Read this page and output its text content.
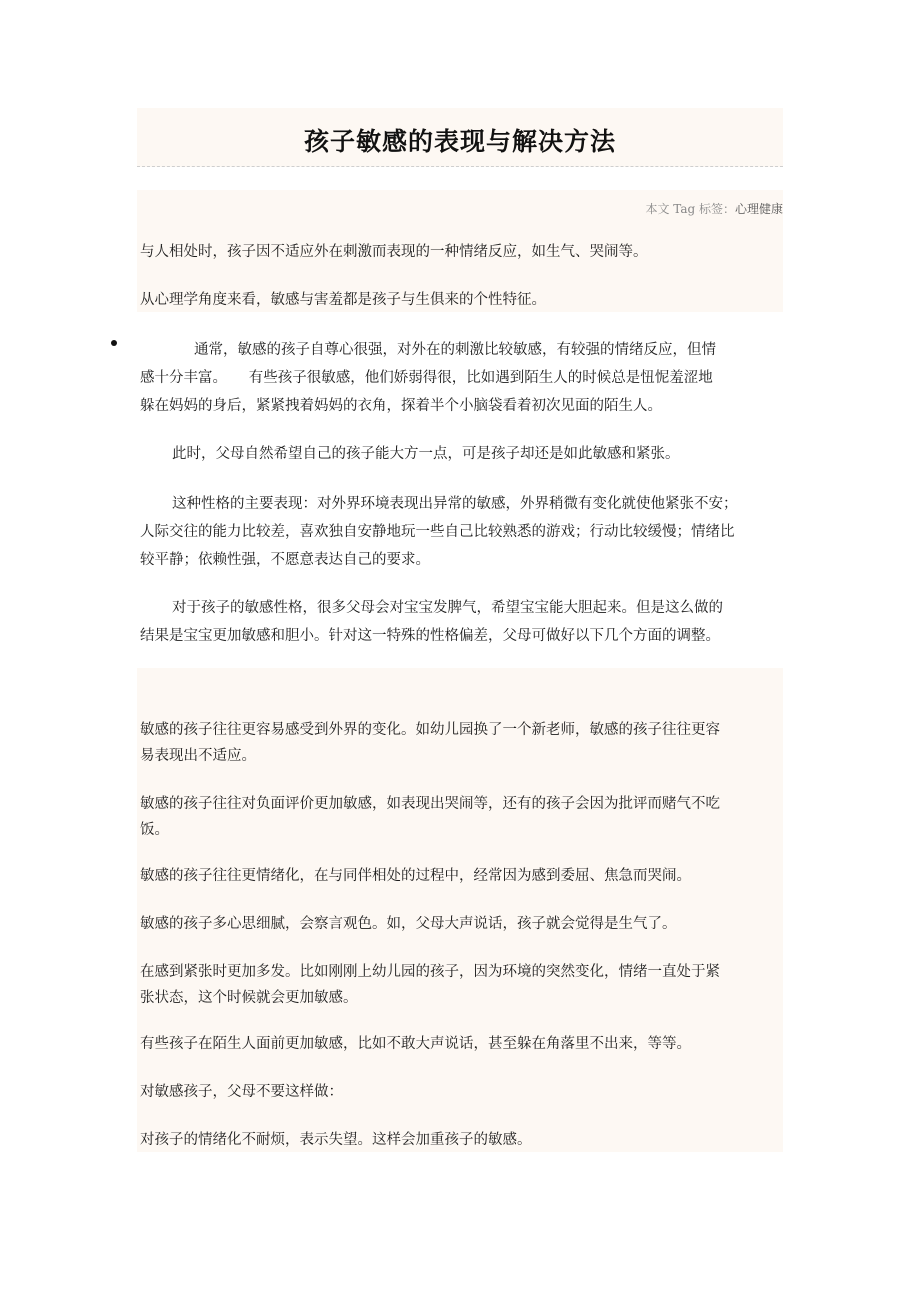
孩子敏感的表现与解决方法
本文 Tag 标签：心理健康

与人相处时，孩子因不适应外在刺激而表现的一种情绪反应，如生气、哭闹等。

从心理学角度来看，敏感与害羞都是孩子与生俱来的个性特征。

通常，敏感的孩子自尊心很强，对外在的刺激比较敏感，有较强的情绪反应，但情

感十分丰富。　　有些孩子很敏感，他们娇弱得很，比如遇到陌生人的时候总是忸怩羞涩地

躲在妈妈的身后，紧紧拽着妈妈的衣角，探着半个小脑袋看着初次见面的陌生人。

此时，父母自然希望自己的孩子能大方一点，可是孩子却还是如此敏感和紧张。

这种性格的主要表现：对外界环境表现出异常的敏感，外界稍微有变化就使他紧张不安；

人际交往的能力比较差，喜欢独自安静地玩一些自己比较熟悉的游戏；行动比较缓慢；情绪比

较平静；依赖性强，不愿意表达自己的要求。

对于孩子的敏感性格，很多父母会对宝宝发脾气，希望宝宝能大胆起来。但是这么做的

结果是宝宝更加敏感和胆小。针对这一特殊的性格偏差，父母可做好以下几个方面的调整。

敏感的孩子往往更容易感受到外界的变化。如幼儿园换了一个新老师，敏感的孩子往往更容

易表现出不适应。

敏感的孩子往往对负面评价更加敏感，如表现出哭闹等，还有的孩子会因为批评而赌气不吃

饭。

敏感的孩子往往更情绪化，在与同伴相处的过程中，经常因为感到委屈、焦急而哭闹。

敏感的孩子多心思细腻，会察言观色。如，父母大声说话，孩子就会觉得是生气了。

在感到紧张时更加多发。比如刚刚上幼儿园的孩子，因为环境的突然变化，情绪一直处于紧

张状态，这个时候就会更加敏感。

有些孩子在陌生人面前更加敏感，比如不敢大声说话，甚至躲在角落里不出来，等等。

对敏感孩子，父母不要这样做：

对孩子的情绪化不耐烦，表示失望。这样会加重孩子的敏感。
